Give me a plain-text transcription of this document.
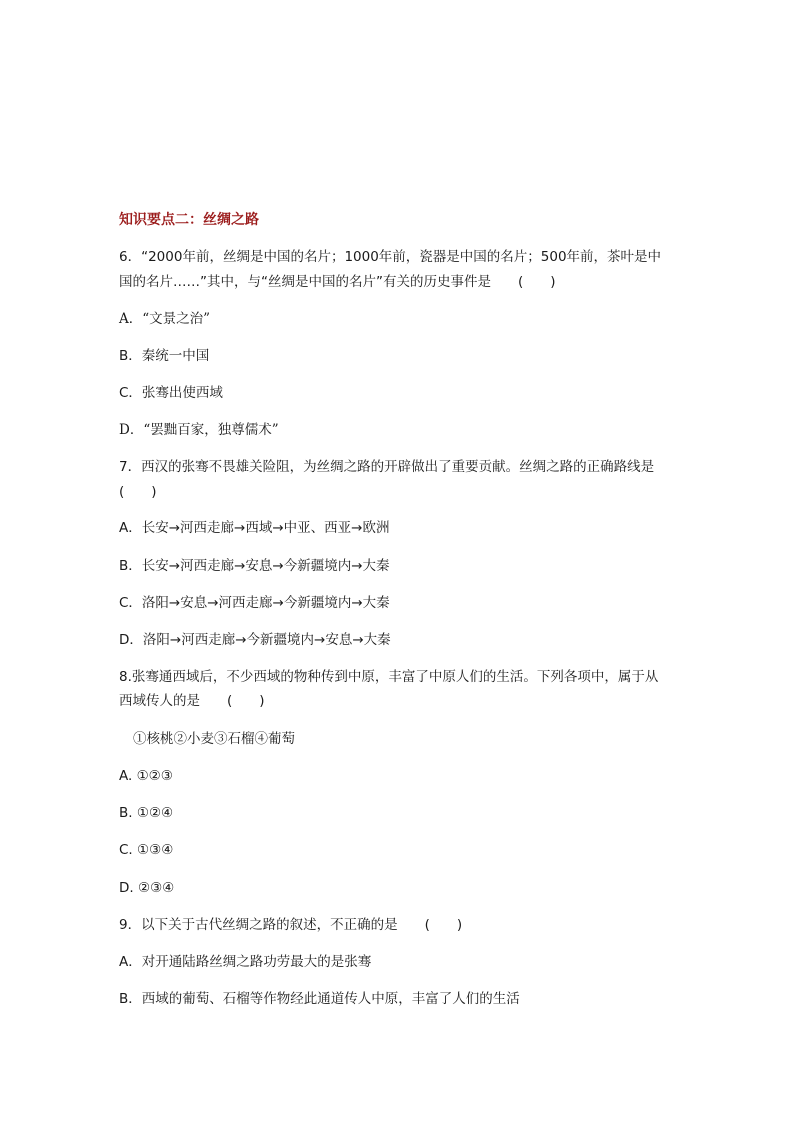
知识要点二：丝绸之路
6．“2000年前，丝绸是中国的名片；1000年前，瓷器是中国的名片；500年前，茶叶是中
国的名片……”其中，与“丝绸是中国的名片”有关的历史事件是　　(　　)
A．“文景之治”
B．秦统一中国
C．张骞出使西域
D．“罢黜百家，独尊儒术”
7．西汉的张骞不畏雄关险阻，为丝绸之路的开辟做出了重要贡献。丝绸之路的正确路线是
(　　)
A．长安→河西走廊→西域→中亚、西亚→欧洲
B．长安→河西走廊→安息→今新疆境内→大秦
C．洛阳→安息→河西走廊→今新疆境内→大秦
D．洛阳→河西走廊→今新疆境内→安息→大秦
8.张骞通西域后，不少西域的物种传到中原，丰富了中原人们的生活。下列各项中，属于从
西域传人的是　　(　　)
①核桃②小麦③石榴④葡萄
A. ①②③
B. ①②④
C. ①③④
D. ②③④
9．以下关于古代丝绸之路的叙述，不正确的是　　(　　)
A．对开通陆路丝绸之路功劳最大的是张骞
B．西域的葡萄、石榴等作物经此通道传人中原，丰富了人们的生活
